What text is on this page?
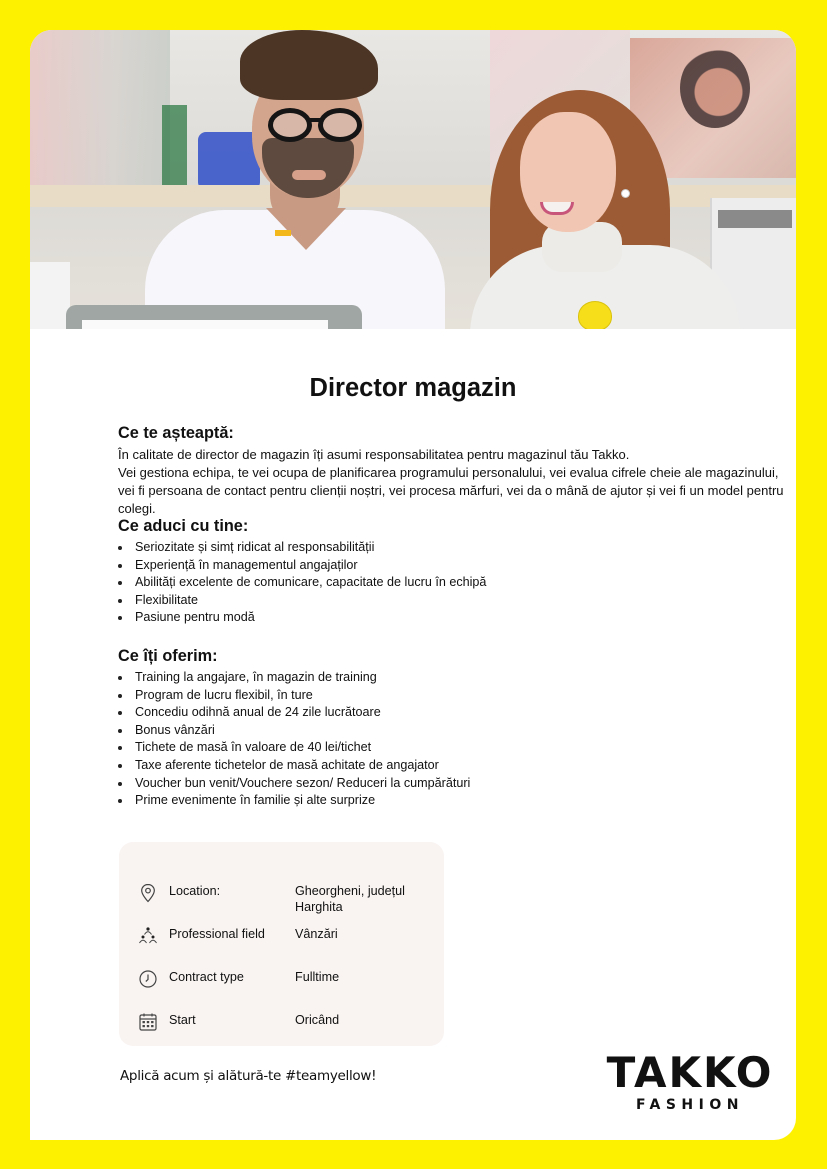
Director magazin
Ce te așteaptă:

În calitate de director de magazin îți asumi responsabilitatea pentru magazinul tău Takko.

Vei gestiona echipa, te vei ocupa de planificarea programului personalului, vei evalua cifrele cheie ale magazinului, vei fi persoana de contact pentru clienții noștri, vei procesa mărfuri, vei da o mână de ajutor și vei fi un model pentru colegi.

Ce aduci cu tine:
Seriozitate și simț ridicat al responsabilității
Experiență în managementul angajaților
Abilități excelente de comunicare, capacitate de lucru în echipă
Flexibilitate
Pasiune pentru modă
Ce îți oferim:
Training la angajare, în magazin de training
Program de lucru flexibil, în ture
Concediu odihnă anual de 24 zile lucrătoare
Bonus vânzări
Tichete de masă în valoare de 40 lei/tichet
Taxe aferente tichetelor de masă achitate de angajator
Voucher bun venit/Vouchere sezon/ Reduceri la cumpărături
Prime evenimente în familie și alte surprize
Location:	Gheorgheni, județul Harghita
Professional field Vânzări
Contract type	Fulltime
Start	Oricând
Aplică acum și alătură-te #teamyellow!	TAKKO
FASHION
